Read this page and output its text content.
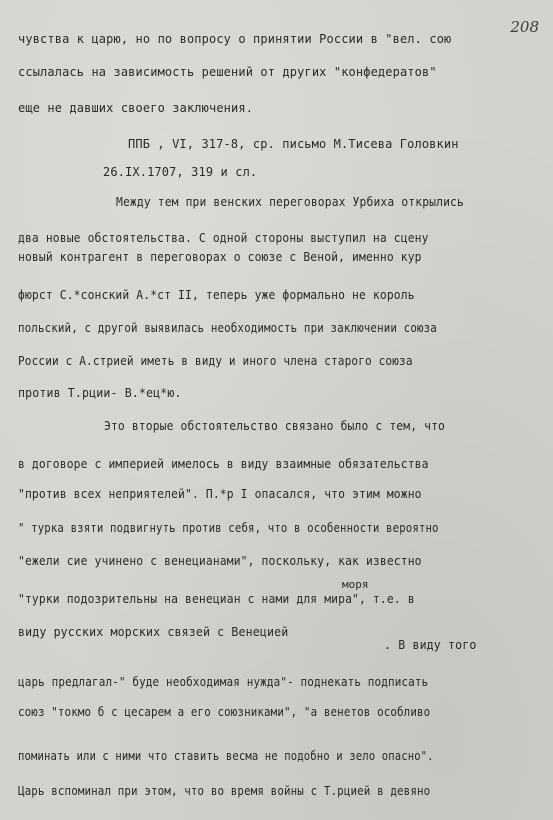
208
чувства к царю, но по вопросу о принятии России в "вел. сою
ссылалась на зависимость решений от других "конфедератов"
еще не давших своего заключения.
ППБ , VI, 317-8, ср. письмо М.Тисева Головкин
26.IX.1707, 319 и сл.
Между тем при венских переговорах Урбиха открылись
два новые обстоятельства. С одной стороны выступил на сцену
новый контрагент в переговорах о союзе с Веной, именно кур
фюрст С.*сонский А.*ст II, теперь уже формально не король
польский, с другой выявилась необходимость при заключении союза
России с А.стрией иметь в виду и иного члена старого союза
против Т.рции- В.*ец*ю.
Это вторые обстоятельство связано было с тем, что
в договоре с империей имелось в виду взаимные обязательства
"против всех неприятелей". П.*р I опасался, что этим можно
" турка взяти подвигнуть против себя, что в особенности вероятно
"ежели сие учинено с венецианами", поскольку, как известно
моря
"турки подозрительны на венециан с нами для мира", т.е. в
виду русских морских связей с Венецией
. В виду того
царь предлагал-" буде необходимая нужда"- поднекать подписать
союз "токмо б с цесарем а его союзниками", "а венетов особливо
поминать или с ними что ставить весма не подобно и зело опасно".
Царь вспоминал при этом, что во время войны с Т.рцией в девяно
